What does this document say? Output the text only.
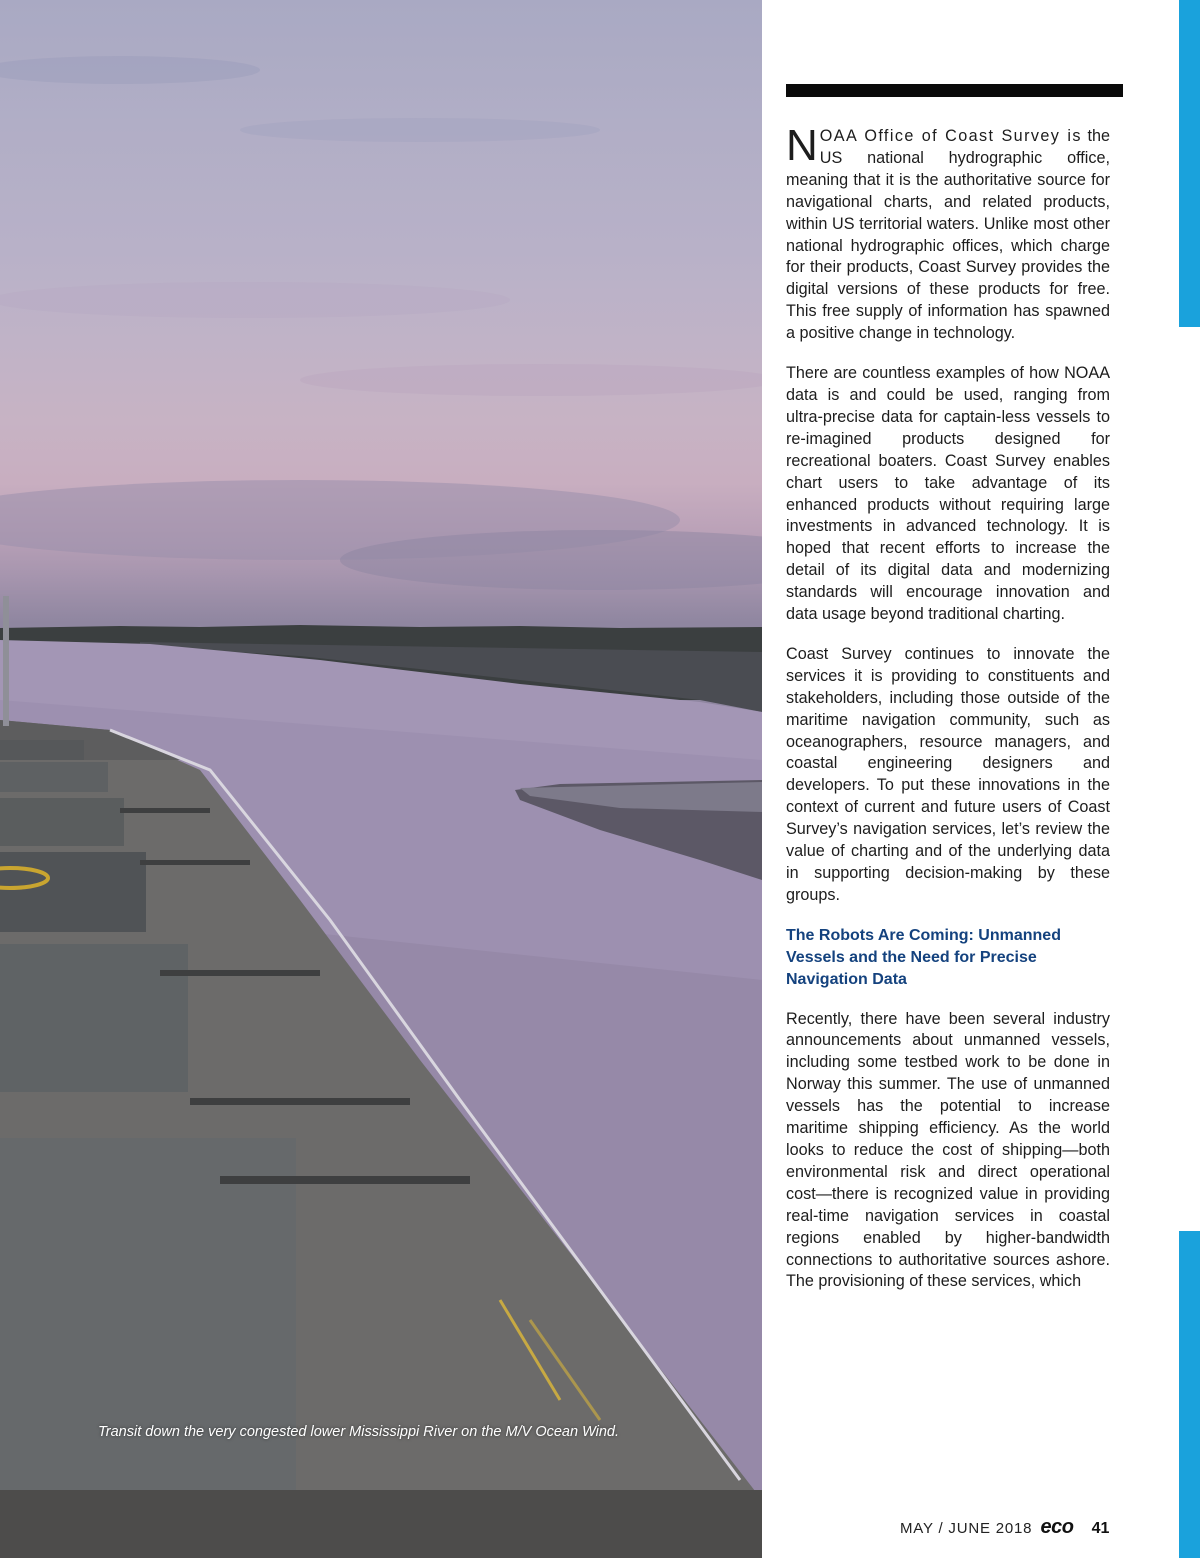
Transit down the very congested lower Mississippi River on the M/V Ocean Wind.

NOAA Office of Coast Survey is the US national hydrographic office, meaning that it is the authoritative source for navigational charts, and related products, within US territorial waters. Unlike most other national hydrographic offices, which charge for their products, Coast Survey provides the digital versions of these products for free. This free supply of information has spawned a positive change in technology.

There are countless examples of how NOAA data is and could be used, ranging from ultra-precise data for captain-less vessels to re-imagined products designed for recreational boaters. Coast Survey enables chart users to take advantage of its enhanced products without requiring large investments in advanced technology. It is hoped that recent efforts to increase the detail of its digital data and modernizing standards will encourage innovation and data usage beyond traditional charting.

Coast Survey continues to innovate the services it is providing to constituents and stakeholders, including those outside of the maritime navigation community, such as oceanographers, resource managers, and coastal engineering designers and developers. To put these innovations in the context of current and future users of Coast Survey’s navigation services, let’s review the value of charting and of the underlying data in supporting decision-making by these groups.

The Robots Are Coming: Unmanned Vessels and the Need for Precise Navigation Data

Recently, there have been several industry announcements about unmanned vessels, including some testbed work to be done in Norway this summer. The use of unmanned vessels has the potential to increase maritime shipping efficiency. As the world looks to reduce the cost of shipping—both environmental risk and direct operational cost—there is recognized value in providing real-time navigation services in coastal regions enabled by higher-bandwidth connections to authoritative sources ashore. The provisioning of these services, which

MAY / JUNE 2018 eco 41
